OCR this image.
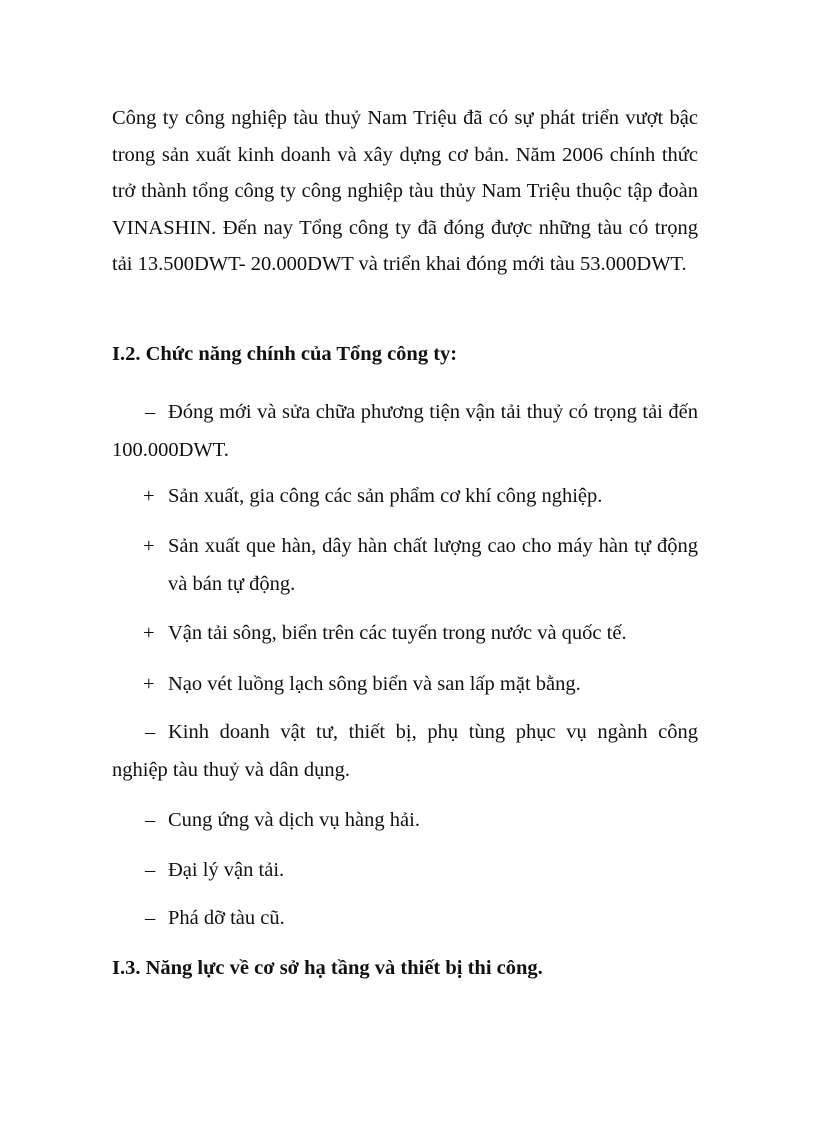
Công ty công nghiệp tàu thuỷ Nam Triệu đã có sự phát triển vượt bậc trong sản xuất kinh doanh và xây dựng cơ bản. Năm 2006 chính thức trở thành tổng công ty công nghiệp tàu thủy Nam Triệu thuộc tập đoàn VINASHIN. Đến nay Tổng công ty đã đóng được những tàu có trọng tải 13.500DWT- 20.000DWT và triển khai đóng mới tàu 53.000DWT.

I.2. Chức năng chính của Tổng công ty:
– Đóng mới và sửa chữa phương tiện vận tải thuỷ có trọng tải đến 100.000DWT.
+ Sản xuất, gia công các sản phẩm cơ khí công nghiệp.
+ Sản xuất que hàn, dây hàn chất lượng cao cho máy hàn tự động và bán tự động.
+ Vận tải sông, biển trên các tuyến trong nước và quốc tế.
+ Nạo vét luồng lạch sông biển và san lấp mặt bằng.
– Kinh doanh vật tư, thiết bị, phụ tùng phục vụ ngành công nghiệp tàu thuỷ và dân dụng.
– Cung ứng và dịch vụ hàng hải.
– Đại lý vận tải.
– Phá dỡ tàu cũ.
I.3. Năng lực về cơ sở hạ tầng và thiết bị thi công.
